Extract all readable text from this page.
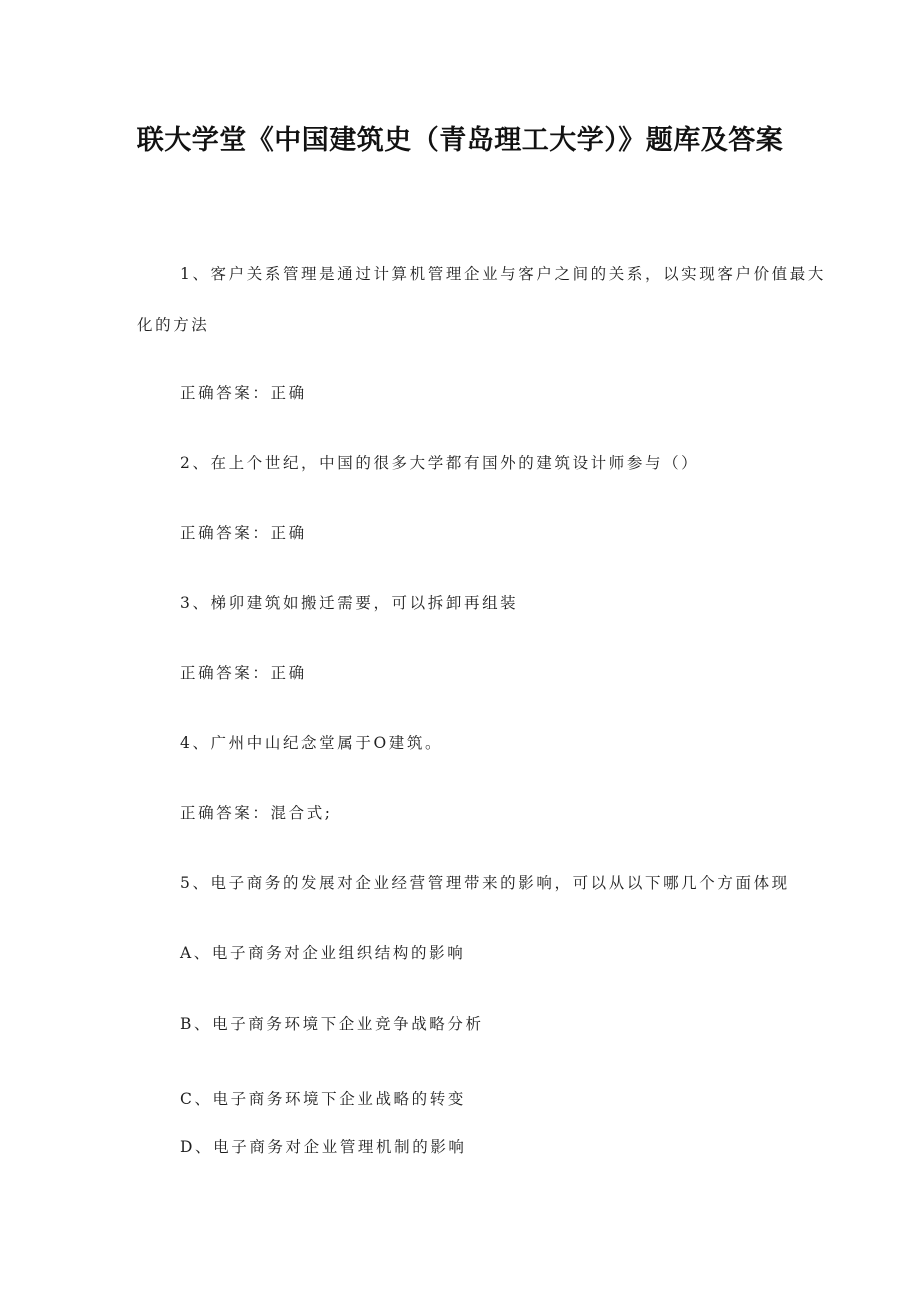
联大学堂《中国建筑史（青岛理工大学）》题库及答案
1、客户关系管理是通过计算机管理企业与客户之间的关系，以实现客户价值最大
化的方法
正确答案：正确
2、在上个世纪，中国的很多大学都有国外的建筑设计师参与（）
正确答案：正确
3、梯卯建筑如搬迁需要，可以拆卸再组装
正确答案：正确
4、广州中山纪念堂属于O建筑。
正确答案：混合式;
5、电子商务的发展对企业经营管理带来的影响，可以从以下哪几个方面体现
A、电子商务对企业组织结构的影响
B、电子商务环境下企业竞争战略分析
C、电子商务环境下企业战略的转变
D、电子商务对企业管理机制的影响
